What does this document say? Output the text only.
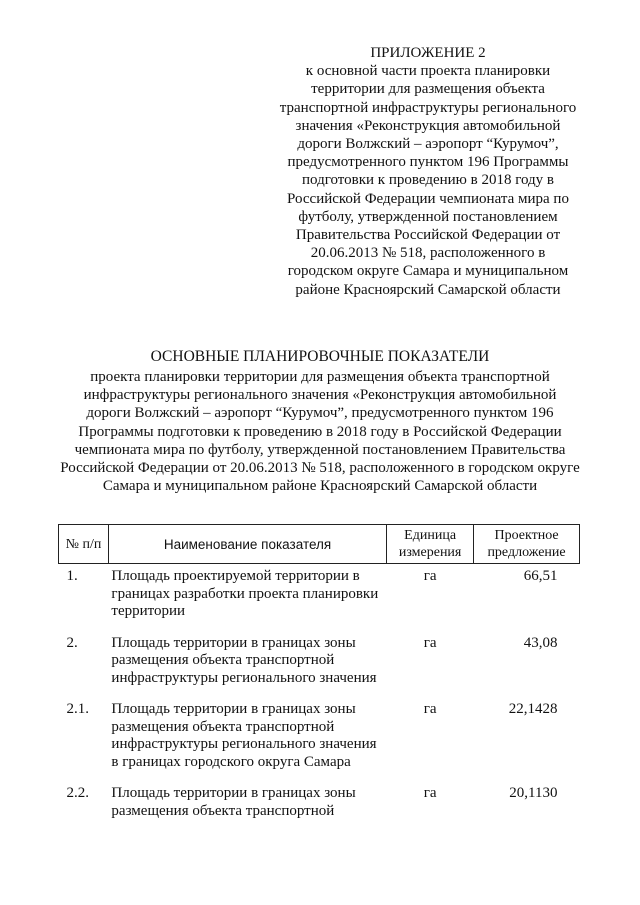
ПРИЛОЖЕНИЕ 2
к основной части проекта планировки территории для размещения объекта транспортной инфраструктуры регионального значения «Реконструкция автомобильной дороги Волжский – аэропорт “Курумоч”, предусмотренного пунктом 196 Программы подготовки к проведению в 2018 году в Российской Федерации чемпионата мира по футболу, утвержденной постановлением Правительства Российской Федерации от 20.06.2013 № 518, расположенного в городском округе Самара и муниципальном районе Красноярский Самарской области
ОСНОВНЫЕ ПЛАНИРОВОЧНЫЕ ПОКАЗАТЕЛИ
проекта планировки территории для размещения объекта транспортной инфраструктуры регионального значения «Реконструкция автомобильной дороги Волжский – аэропорт “Курумоч”, предусмотренного пунктом 196 Программы подготовки к проведению в 2018 году в Российской Федерации чемпионата мира по футболу, утвержденной постановлением Правительства Российской Федерации от 20.06.2013 № 518, расположенного в городском округе Самара и муниципальном районе Красноярский Самарской области
№ п/п	Наименование показателя	Единица измерения	Проектное предложение
1.	Площадь проектируемой территории в границах разработки проекта планировки территории	га	66,51
2.	Площадь территории в границах зоны размещения объекта транспортной инфраструктуры регионального значения	га	43,08
2.1.	Площадь территории в границах зоны размещения объекта транспортной инфраструктуры регионального значения в границах городского округа Самара	га	22,1428
2.2.	Площадь территории в границах зоны размещения объекта транспортной	га	20,1130
